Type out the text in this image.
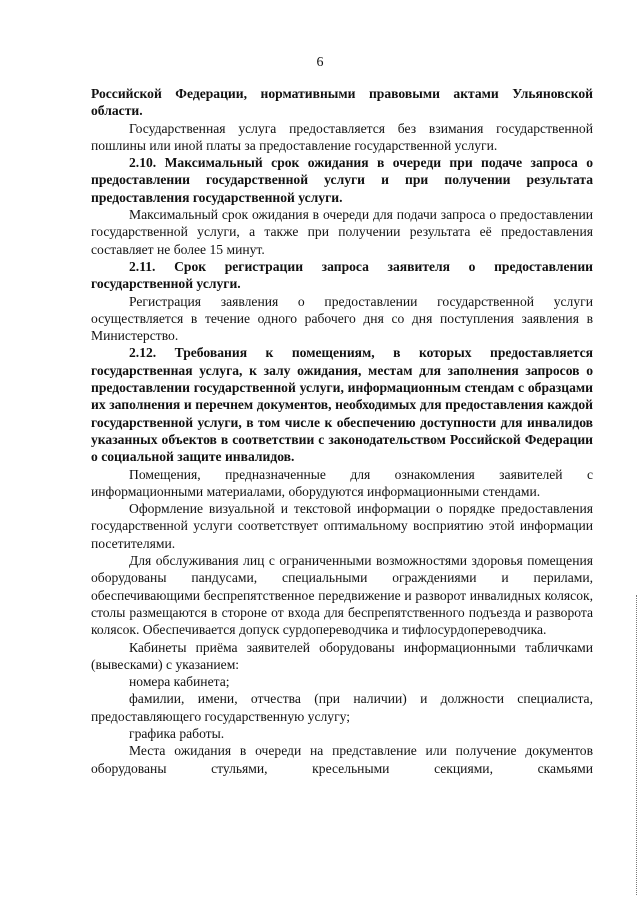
6

Российской Федерации, нормативными правовыми актами Ульяновской области.

Государственная услуга предоставляется без взимания государственной пошлины или иной платы за предоставление государственной услуги.

2.10. Максимальный срок ожидания в очереди при подаче запроса о предоставлении государственной услуги и при получении результата предоставления государственной услуги.

Максимальный срок ожидания в очереди для подачи запроса о предоставлении государственной услуги, а также при получении результата её предоставления составляет не более 15 минут.

2.11. Срок регистрации запроса заявителя о предоставлении государственной услуги.

Регистрация заявления о предоставлении государственной услуги осуществляется в течение одного рабочего дня со дня поступления заявления в Министерство.

2.12. Требования к помещениям, в которых предоставляется государственная услуга, к залу ожидания, местам для заполнения запросов о предоставлении государственной услуги, информационным стендам с образцами их заполнения и перечнем документов, необходимых для предоставления каждой государственной услуги, в том числе к обеспечению доступности для инвалидов указанных объектов в соответствии с законодательством Российской Федерации о социальной защите инвалидов.

Помещения, предназначенные для ознакомления заявителей с информационными материалами, оборудуются информационными стендами.

Оформление визуальной и текстовой информации о порядке предоставления государственной услуги соответствует оптимальному восприятию этой информации посетителями.

Для обслуживания лиц с ограниченными возможностями здоровья помещения оборудованы пандусами, специальными ограждениями и перилами, обеспечивающими беспрепятственное передвижение и разворот инвалидных колясок, столы размещаются в стороне от входа для беспрепятственного подъезда и разворота колясок. Обеспечивается допуск сурдопереводчика и тифлосурдопереводчика.

Кабинеты приёма заявителей оборудованы информационными табличками (вывесками) с указанием:

номера кабинета;

фамилии, имени, отчества (при наличии) и должности специалиста, предоставляющего государственную услугу;

графика работы.

Места ожидания в очереди на представление или получение документов оборудованы стульями, кресельными секциями, скамьями
